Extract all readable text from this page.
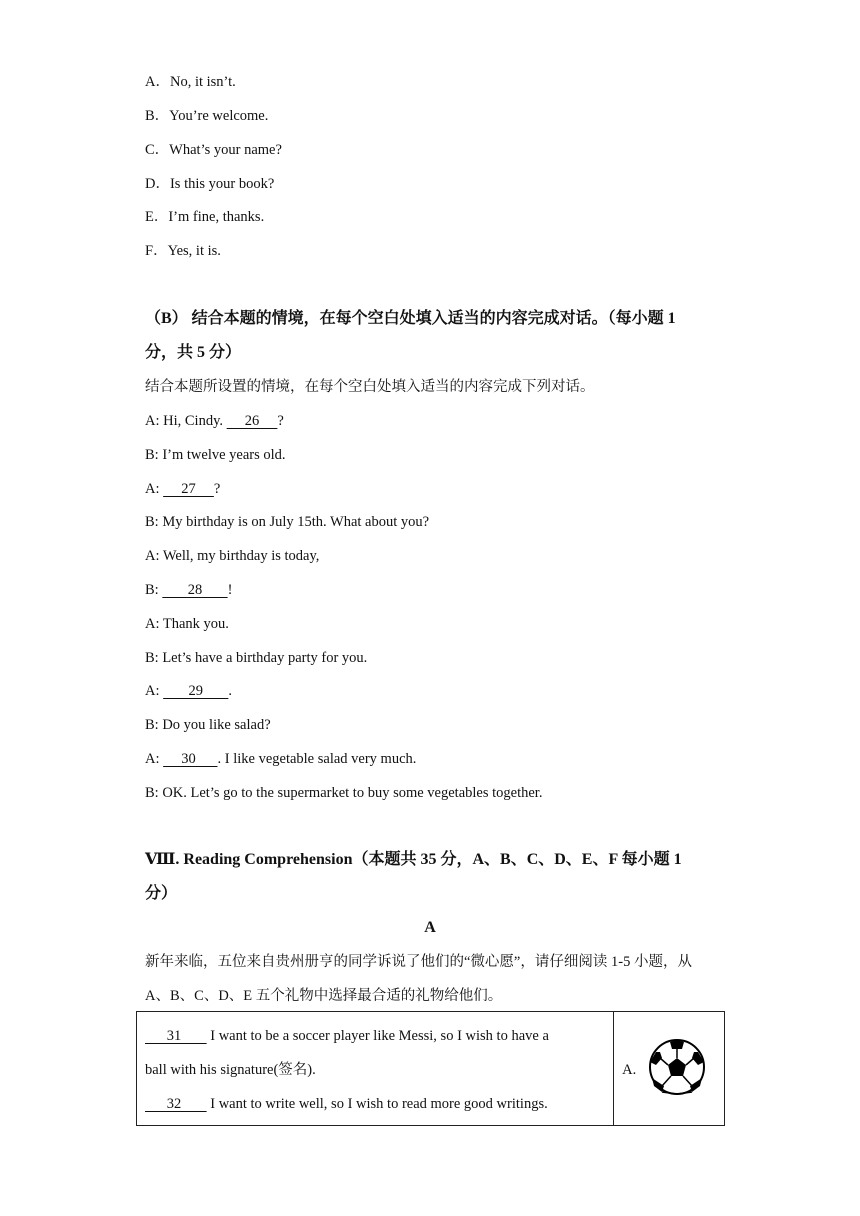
A．No, it isn’t.
B．You’re welcome.
C．What’s your name?
D．Is this your book?
E．I’m fine, thanks.
F．Yes, it is.
（B） 结合本题的情境，在每个空白处填入适当的内容完成对话。（每小题 1
分，共 5 分）
结合本题所设置的情境，在每个空白处填入适当的内容完成下列对话。
A: Hi, Cindy.      26     ?
B: I’m twelve years old.
A:      27     ?
B: My birthday is on July 15th. What about you?
A: Well, my birthday is today,
B:        28       !
A: Thank you.
B: Let’s have a birthday party for you.
A:        29       .
B: Do you like salad?
A:      30      . I like vegetable salad very much.
B: OK. Let’s go to the supermarket to buy some vegetables together.
Ⅷ. Reading Comprehension（本题共 35 分，A、B、C、D、E、F 每小题 1
分）
A
新年来临，五位来自贵州册亨的同学诉说了他们的“微心愿”，请仔细阅读 1-5 小题，从
A、B、C、D、E 五个礼物中选择最合适的礼物给他们。
31        I want to be a soccer player like Messi, so I wish to have a
ball with his signature(签名).
32        I want to write well, so I wish to read more good writings.

A.
